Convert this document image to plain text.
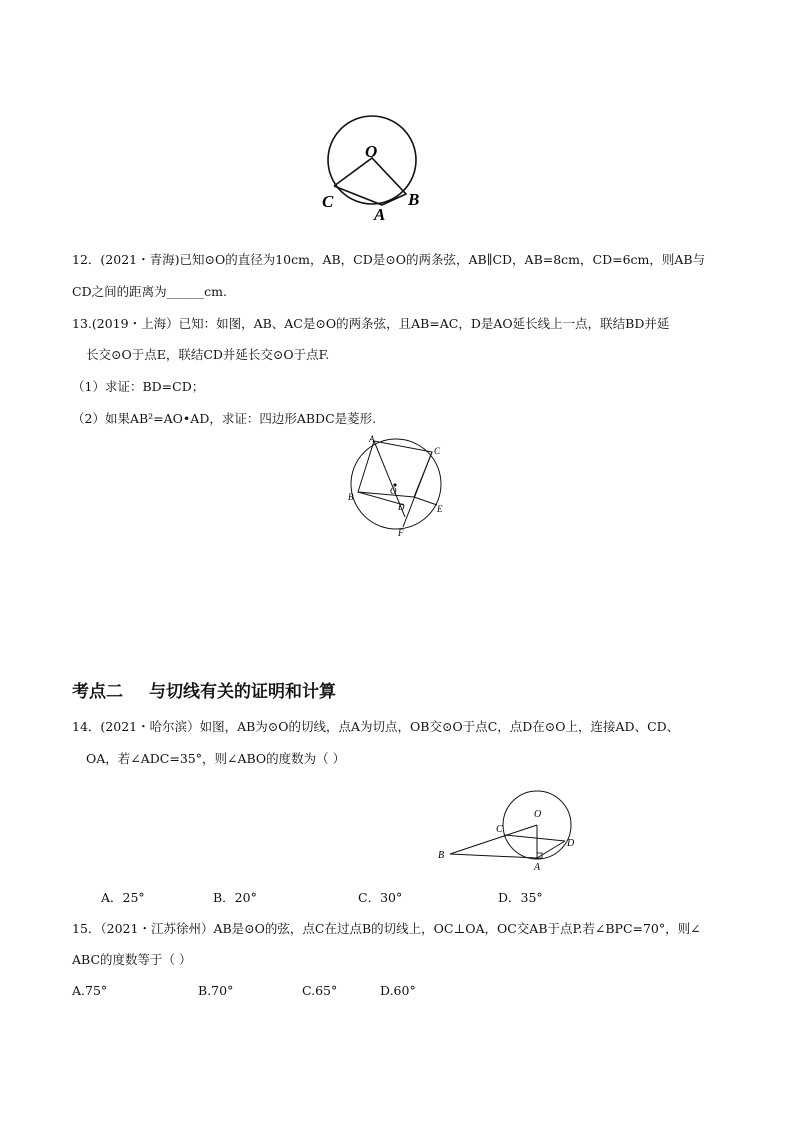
O
C
A
B
12．(2021・青海)已知⊙O的直径为10cm，AB，CD是⊙O的两条弦，AB∥CD，AB=8cm，CD=6cm，则AB与
CD之间的距离为______cm.
13.(2019・上海）已知：如图，AB、AC是⊙O的两条弦，且AB=AC，D是AO延长线上一点，联结BD并延
长交⊙O于点E，联结CD并延长交⊙O于点F.
（1）求证：BD=CD；
（2）如果AB²=AO•AD，求证：四边形ABDC是菱形.
A
C
O
B
D	E
F
考点二 与切线有关的证明和计算
14．(2021・哈尔滨）如图，AB为⊙O的切线，点A为切点，OB交⊙O于点C，点D在⊙O上，连接AD、CD、
OA，若∠ADC=35°，则∠ABO的度数为（ ）
O
C
D
B
A
A．25°	B．20°	C．30°	D．35°
15．（2021・江苏徐州）AB是⊙O的弦，点C在过点B的切线上，OC⊥OA，OC交AB于点P.若∠BPC=70°，则∠
ABC的度数等于（ ）
A.75°	B.70°	C.65°	D.60°
